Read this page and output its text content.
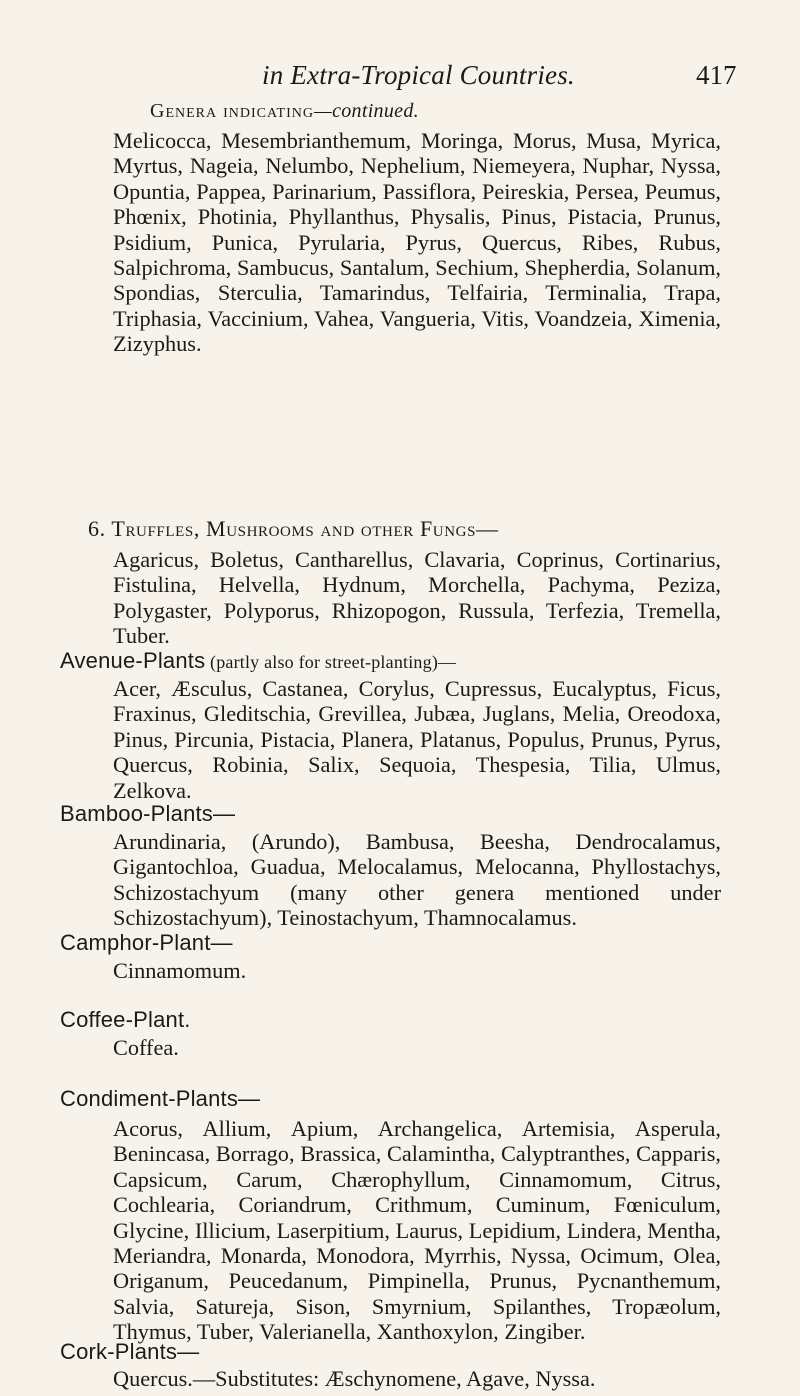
in Extra-Tropical Countries.	417
Genera indicating—continued.

Melicocca, Mesembrianthemum, Moringa, Morus, Musa, Myrica, Myrtus, Nageia, Nelumbo, Nephelium, Niemeyera, Nuphar, Nyssa, Opuntia, Pappea, Parinarium, Passiflora, Peireskia, Persea, Peumus, Phœnix, Photinia, Phyllanthus, Physalis, Pinus, Pistacia, Prunus, Psidium, Punica, Pyrularia, Pyrus, Quercus, Ribes, Rubus, Salpichroma, Sambucus, Santalum, Sechium, Shepherdia, Solanum, Spondias, Sterculia, Tamarindus, Telfairia, Terminalia, Trapa, Triphasia, Vaccinium, Vahea, Vangueria, Vitis, Voandzeia, Ximenia, Zizyphus.

6. Truffles, Mushrooms and other Fungs—

Agaricus, Boletus, Cantharellus, Clavaria, Coprinus, Cortinarius, Fistulina, Helvella, Hydnum, Morchella, Pachyma, Peziza, Polygaster, Polyporus, Rhizopogon, Russula, Terfezia, Tremella, Tuber.

Avenue-Plants (partly also for street-planting)—

Acer, Æsculus, Castanea, Corylus, Cupressus, Eucalyptus, Ficus, Fraxinus, Gleditschia, Grevillea, Jubæa, Juglans, Melia, Oreodoxa, Pinus, Pircunia, Pistacia, Planera, Platanus, Populus, Prunus, Pyrus, Quercus, Robinia, Salix, Sequoia, Thespesia, Tilia, Ulmus, Zelkova.

Bamboo-Plants—

Arundinaria, (Arundo), Bambusa, Beesha, Dendrocalamus, Gigantochloa, Guadua, Melocalamus, Melocanna, Phyllostachys, Schizostachyum (many other genera mentioned under Schizostachyum), Teinostachyum, Thamnocalamus.

Camphor-Plant—

Cinnamomum.

Coffee-Plant.

Coffea.

Condiment-Plants—

Acorus, Allium, Apium, Archangelica, Artemisia, Asperula, Benincasa, Borrago, Brassica, Calamintha, Calyptranthes, Capparis, Capsicum, Carum, Chærophyllum, Cinnamomum, Citrus, Cochlearia, Coriandrum, Crithmum, Cuminum, Fœniculum, Glycine, Illicium, Laserpitium, Laurus, Lepidium, Lindera, Mentha, Meriandra, Monarda, Monodora, Myrrhis, Nyssa, Ocimum, Olea, Origanum, Peucedanum, Pimpinella, Prunus, Pycnanthemum, Salvia, Satureja, Sison, Smyrnium, Spilanthes, Tropæolum, Thymus, Tuber, Valerianella, Xanthoxylon, Zingiber.

Cork-Plants—

Quercus.—Substitutes: Æschynomene, Agave, Nyssa.
